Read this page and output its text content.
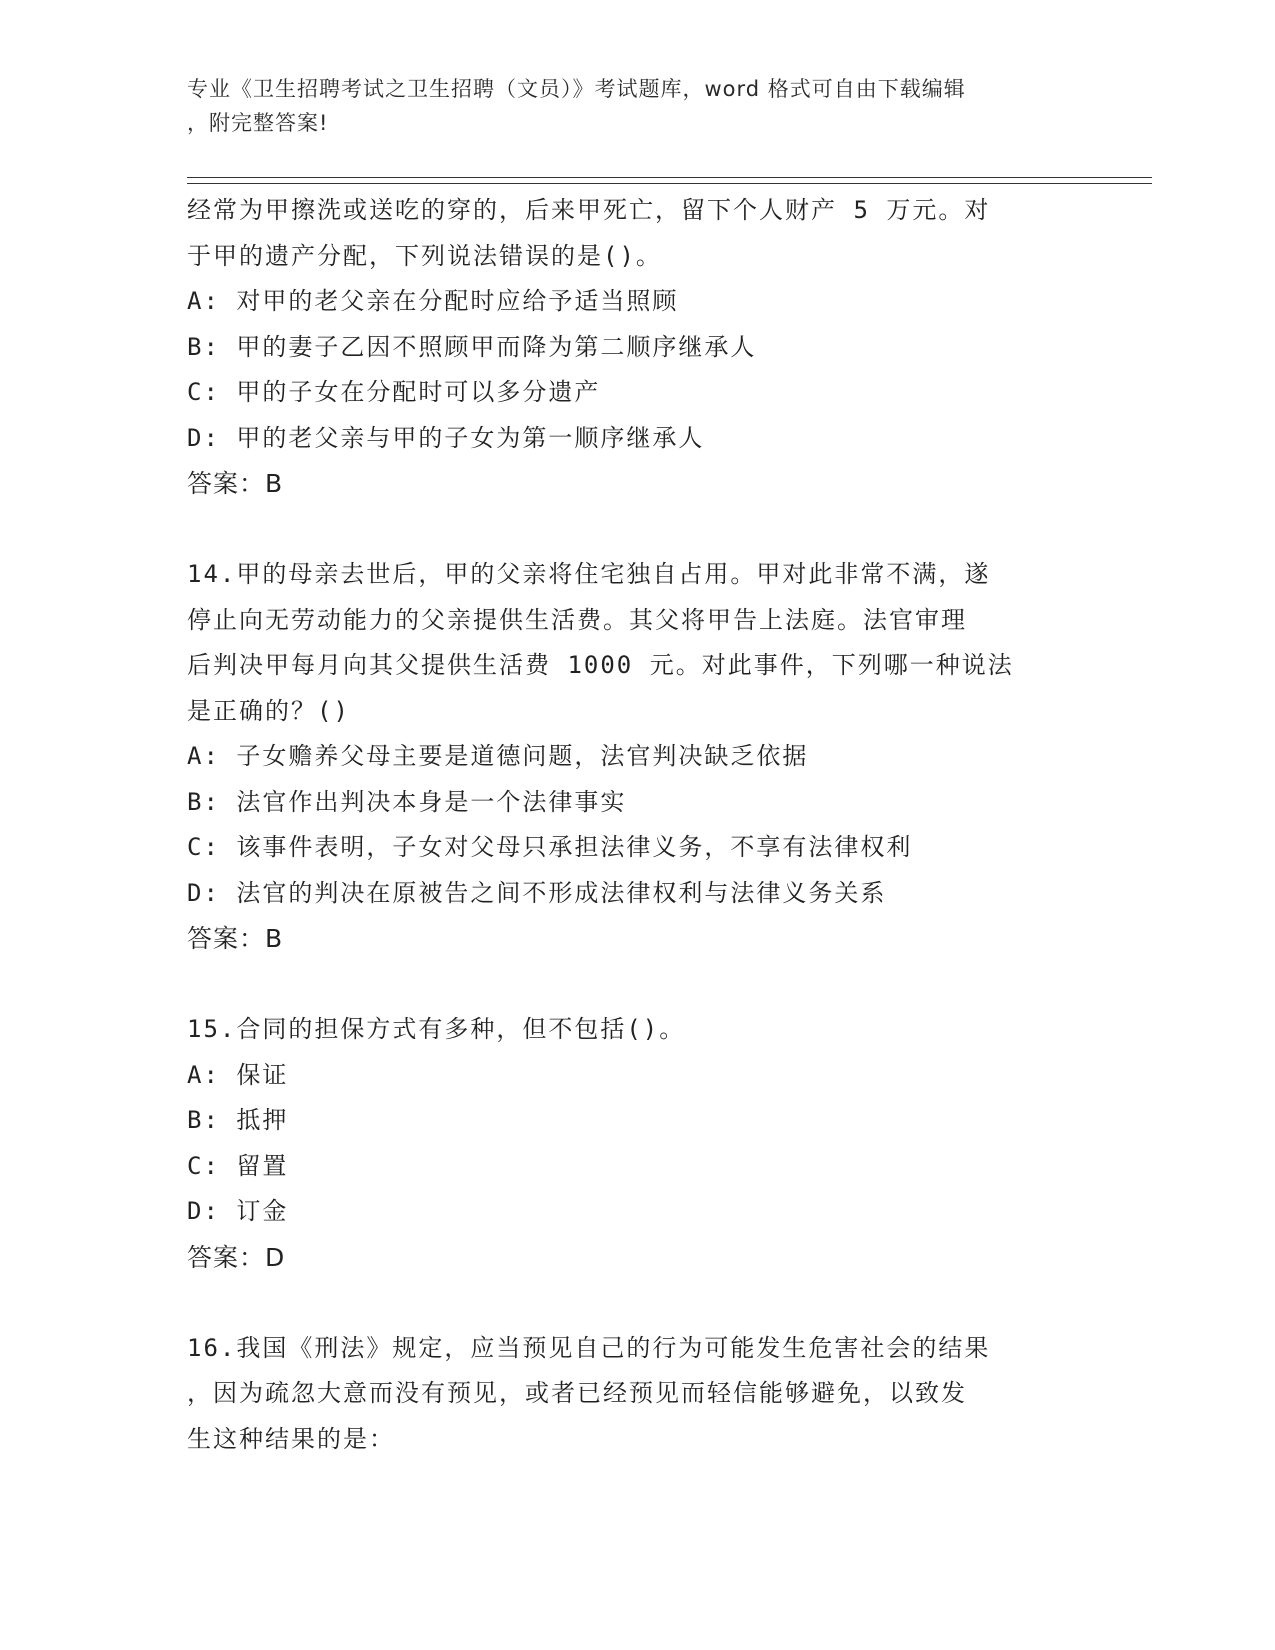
专业《卫生招聘考试之卫生招聘（文员）》考试题库，word 格式可自由下载编辑
，附完整答案!
经常为甲擦洗或送吃的穿的，后来甲死亡，留下个人财产 5 万元。对
于甲的遗产分配，下列说法错误的是()。
A: 对甲的老父亲在分配时应给予适当照顾
B: 甲的妻子乙因不照顾甲而降为第二顺序继承人
C: 甲的子女在分配时可以多分遗产
D: 甲的老父亲与甲的子女为第一顺序继承人
答案：B
14.甲的母亲去世后，甲的父亲将住宅独自占用。甲对此非常不满，遂
停止向无劳动能力的父亲提供生活费。其父将甲告上法庭。法官审理
后判决甲每月向其父提供生活费 1000 元。对此事件，下列哪一种说法
是正确的？()
A: 子女赡养父母主要是道德问题，法官判决缺乏依据
B: 法官作出判决本身是一个法律事实
C: 该事件表明，子女对父母只承担法律义务，不享有法律权利
D: 法官的判决在原被告之间不形成法律权利与法律义务关系
答案：B
15.合同的担保方式有多种，但不包括()。
A: 保证
B: 抵押
C: 留置
D: 订金
答案：D
16.我国《刑法》规定，应当预见自己的行为可能发生危害社会的结果
，因为疏忽大意而没有预见，或者已经预见而轻信能够避免，以致发
生这种结果的是：
